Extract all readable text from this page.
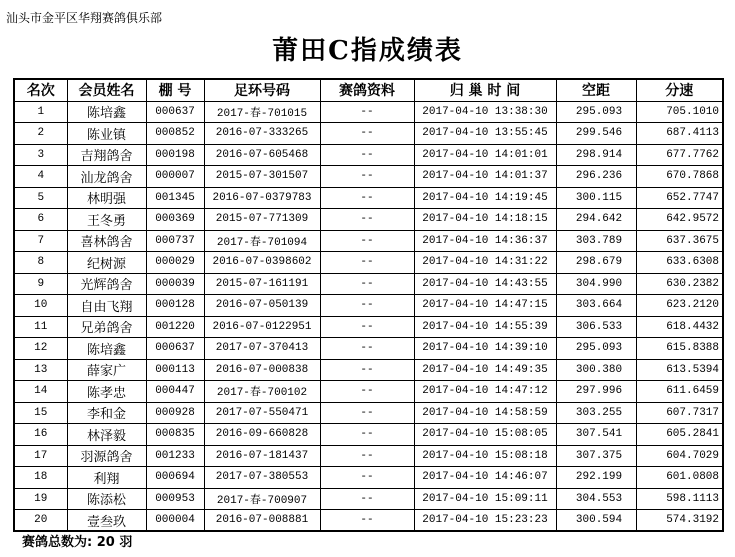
汕头市金平区华翔赛鸽俱乐部
莆田C指成绩表
名次	会员姓名	棚 号	足环号码	赛鸽资料	归 巢 时 间	空距	分速
1	陈培鑫	000637	2017-春-701015	--	2017-04-10 13:38:30	295.093	705.1010
2	陈业镇	000852	2016-07-333265	--	2017-04-10 13:55:45	299.546	687.4113
3	吉翔鸽舍	000198	2016-07-605468	--	2017-04-10 14:01:01	298.914	677.7762
4	汕龙鸽舍	000007	2015-07-301507	--	2017-04-10 14:01:37	296.236	670.7868
5	林明强	001345	2016-07-0379783	--	2017-04-10 14:19:45	300.115	652.7747
6	王冬勇	000369	2015-07-771309	--	2017-04-10 14:18:15	294.642	642.9572
7	喜林鸽舍	000737	2017-春-701094	--	2017-04-10 14:36:37	303.789	637.3675
8	纪树源	000029	2016-07-0398602	--	2017-04-10 14:31:22	298.679	633.6308
9	光辉鸽舍	000039	2015-07-161191	--	2017-04-10 14:43:55	304.990	630.2382
10	自由飞翔	000128	2016-07-050139	--	2017-04-10 14:47:15	303.664	623.2120
11	兄弟鸽舍	001220	2016-07-0122951	--	2017-04-10 14:55:39	306.533	618.4432
12	陈培鑫	000637	2017-07-370413	--	2017-04-10 14:39:10	295.093	615.8388
13	薛家广	000113	2016-07-000838	--	2017-04-10 14:49:35	300.380	613.5394
14	陈孝忠	000447	2017-春-700102	--	2017-04-10 14:47:12	297.996	611.6459
15	李和金	000928	2017-07-550471	--	2017-04-10 14:58:59	303.255	607.7317
16	林泽毅	000835	2016-09-660828	--	2017-04-10 15:08:05	307.541	605.2841
17	羽源鸽舍	001233	2016-07-181437	--	2017-04-10 15:08:18	307.375	604.7029
18	利翔	000694	2017-07-380553	--	2017-04-10 14:46:07	292.199	601.0808
19	陈添松	000953	2017-春-700907	--	2017-04-10 15:09:11	304.553	598.1113
20	壹叁玖	000004	2016-07-008881	--	2017-04-10 15:23:23	300.594	574.3192
赛鸽总数为: 20 羽
